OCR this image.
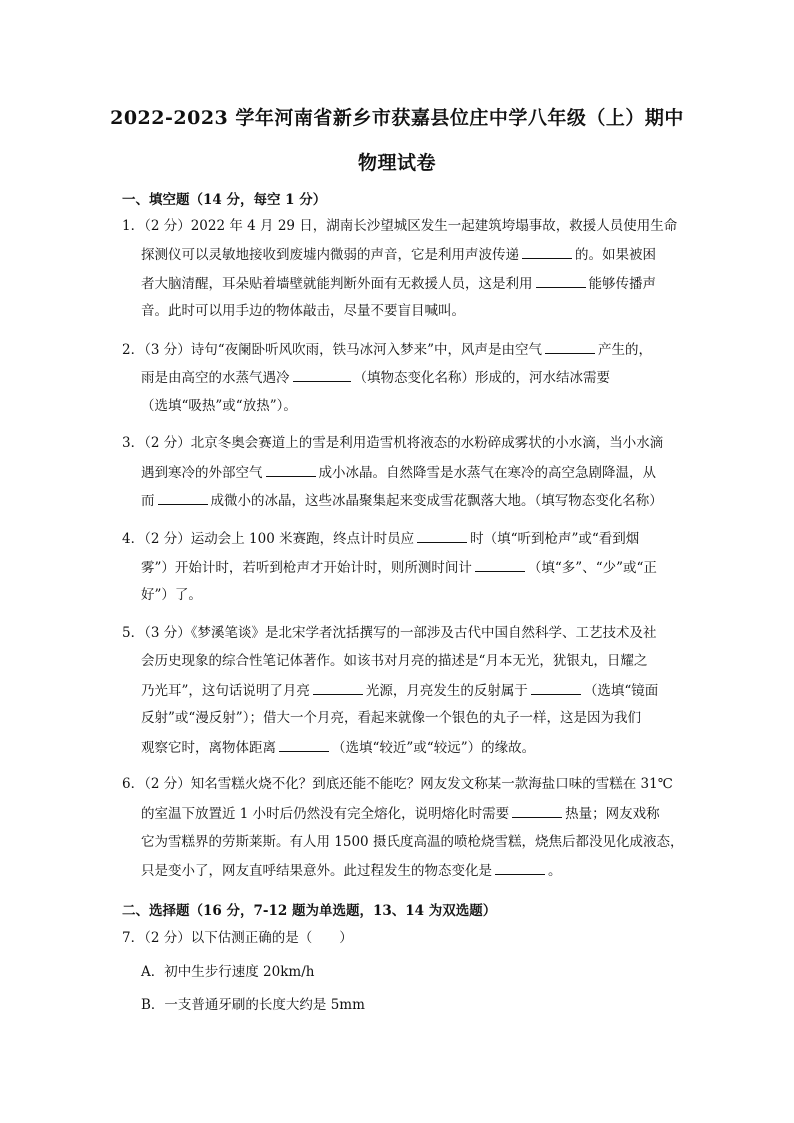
2022-2023 学年河南省新乡市获嘉县位庄中学八年级（上）期中
物理试卷
一、填空题（14 分，每空 1 分）
1．（2 分）2022 年 4 月 29 日，湖南长沙望城区发生一起建筑垮塌事故，救援人员使用生命
探测仪可以灵敏地接收到废墟内微弱的声音，它是利用声波传递	的。如果被困
者大脑清醒，耳朵贴着墙壁就能判断外面有无救援人员，这是利用	能够传播声
音。此时可以用手边的物体敲击，尽量不要盲目喊叫。
2．（3 分）诗句“夜阑卧听风吹雨，铁马冰河入梦来”中，风声是由空气	产生的，
雨是由高空的水蒸气遇冷	（填物态变化名称）形成的，河水结冰需要
（选填“吸热”或“放热”）。
3．（2 分）北京冬奥会赛道上的雪是利用造雪机将液态的水粉碎成雾状的小水滴，当小水滴
遇到寒冷的外部空气	成小冰晶。自然降雪是水蒸气在寒冷的高空急剧降温，从
而	成微小的冰晶，这些冰晶聚集起来变成雪花飘落大地。（填写物态变化名称）
4．（2 分）运动会上 100 米赛跑，终点计时员应	时（填“听到枪声”或“看到烟
雾”）开始计时，若听到枪声才开始计时，则所测时间计	（填“多”、“少”或“正
好”）了。
5．（3 分）《梦溪笔谈》是北宋学者沈括撰写的一部涉及古代中国自然科学、工艺技术及社
会历史现象的综合性笔记体著作。如该书对月亮的描述是“月本无光，犹银丸，日耀之
乃光耳”，这句话说明了月亮	光源，月亮发生的反射属于	（选填“镜面
反射”或“漫反射”）；借大一个月亮，看起来就像一个银色的丸子一样，这是因为我们
观察它时，离物体距离	（选填“较近”或“较远”）的缘故。
6．（2 分）知名雪糕火烧不化？到底还能不能吃？网友发文称某一款海盐口味的雪糕在 31℃
的室温下放置近 1 小时后仍然没有完全熔化，说明熔化时需要	热量；网友戏称
它为雪糕界的劳斯莱斯。有人用 1500 摄氏度高温的喷枪烧雪糕，烧焦后都没见化成液态，
只是变小了，网友直呼结果意外。此过程发生的物态变化是	。
二、选择题（16 分，7-12 题为单选题，13、14 为双选题）
7．（2 分）以下估测正确的是（　　）
A．初中生步行速度 20km/h
B．一支普通牙刷的长度大约是 5mm
